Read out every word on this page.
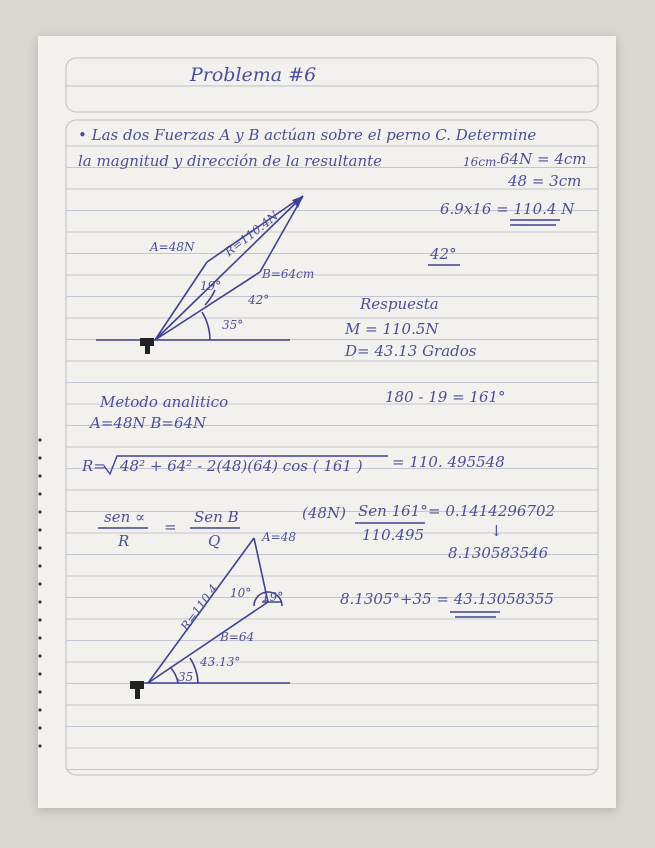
Problema #6
• Las dos Fuerzas A y B actúan sobre el perno C. Determine
la magnitud y dirección de la resultante	16cm- 64N = 4cm
48 = 3cm
6.9x16 = 110.4 N
42°
A=48N R=110.4N
B=64cm
19°
42°
35°
Respuesta
M = 110.5N
D= 43.13 Grados
Metodo analitico
A=48N B=64N
180 - 19 = 161°
R= 48² + 64² - 2(48)(64) cos ( 161 ) = 110. 495548
sen ∝
R
=
Sen B
Q
(48N) Sen 161°
110.495
= 0.1414296702
↓
8.130583546
A=48
R=110.4
B=64
10° 19°
43.13°
35
8.1305°+35 = 43.13058355
